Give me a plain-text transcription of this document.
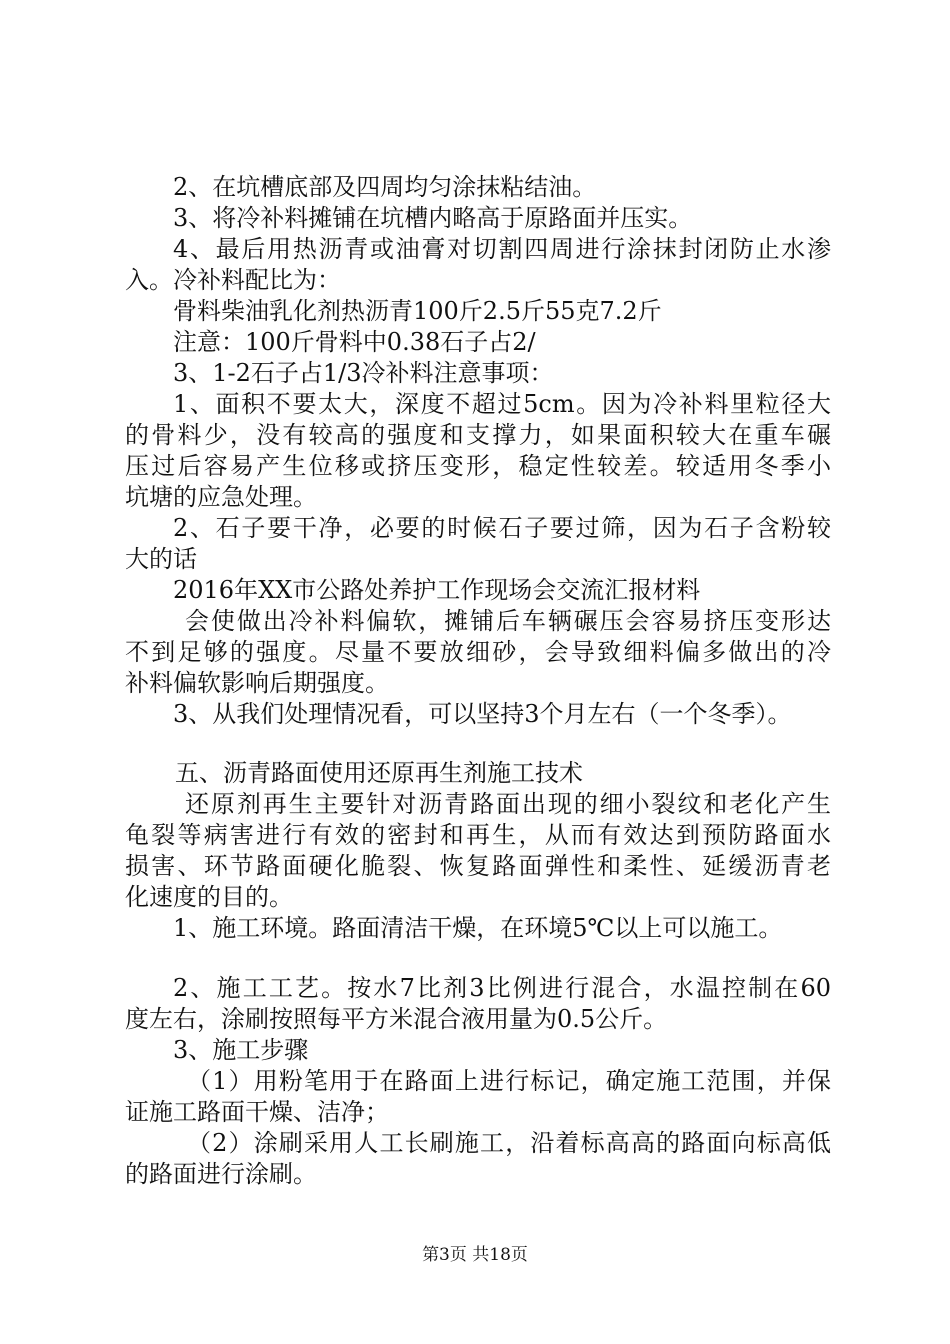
2、在坑槽底部及四周均匀涂抹粘结油。
3、将冷补料摊铺在坑槽内略高于原路面并压实。
4、最后用热沥青或油膏对切割四周进行涂抹封闭防止水渗
入。冷补料配比为：
骨料柴油乳化剂热沥青100斤2.5斤55克7.2斤
注意：100斤骨料中0.38石子占2/
3、1-2石子占1/3冷补料注意事项：
1、面积不要太大，深度不超过5cm。因为冷补料里粒径大
的骨料少，没有较高的强度和支撑力，如果面积较大在重车碾
压过后容易产生位移或挤压变形，稳定性较差。较适用冬季小
坑塘的应急处理。
2、石子要干净，必要的时候石子要过筛，因为石子含粉较
大的话
2016年XX市公路处养护工作现场会交流汇报材料
会使做出冷补料偏软，摊铺后车辆碾压会容易挤压变形达
不到足够的强度。尽量不要放细砂，会导致细料偏多做出的冷
补料偏软影响后期强度。
3、从我们处理情况看，可以坚持3个月左右（一个冬季）。
五、沥青路面使用还原再生剂施工技术
还原剂再生主要针对沥青路面出现的细小裂纹和老化产生
龟裂等病害进行有效的密封和再生，从而有效达到预防路面水
损害、环节路面硬化脆裂、恢复路面弹性和柔性、延缓沥青老
化速度的目的。
1、施工环境。路面清洁干燥，在环境5℃以上可以施工。
2、施工工艺。按水7比剂3比例进行混合，水温控制在60
度左右，涂刷按照每平方米混合液用量为0.5公斤。
3、施工步骤
（1）用粉笔用于在路面上进行标记，确定施工范围，并保
证施工路面干燥、洁净；
（2）涂刷采用人工长刷施工，沿着标高高的路面向标高低
的路面进行涂刷。
第3页 共18页
